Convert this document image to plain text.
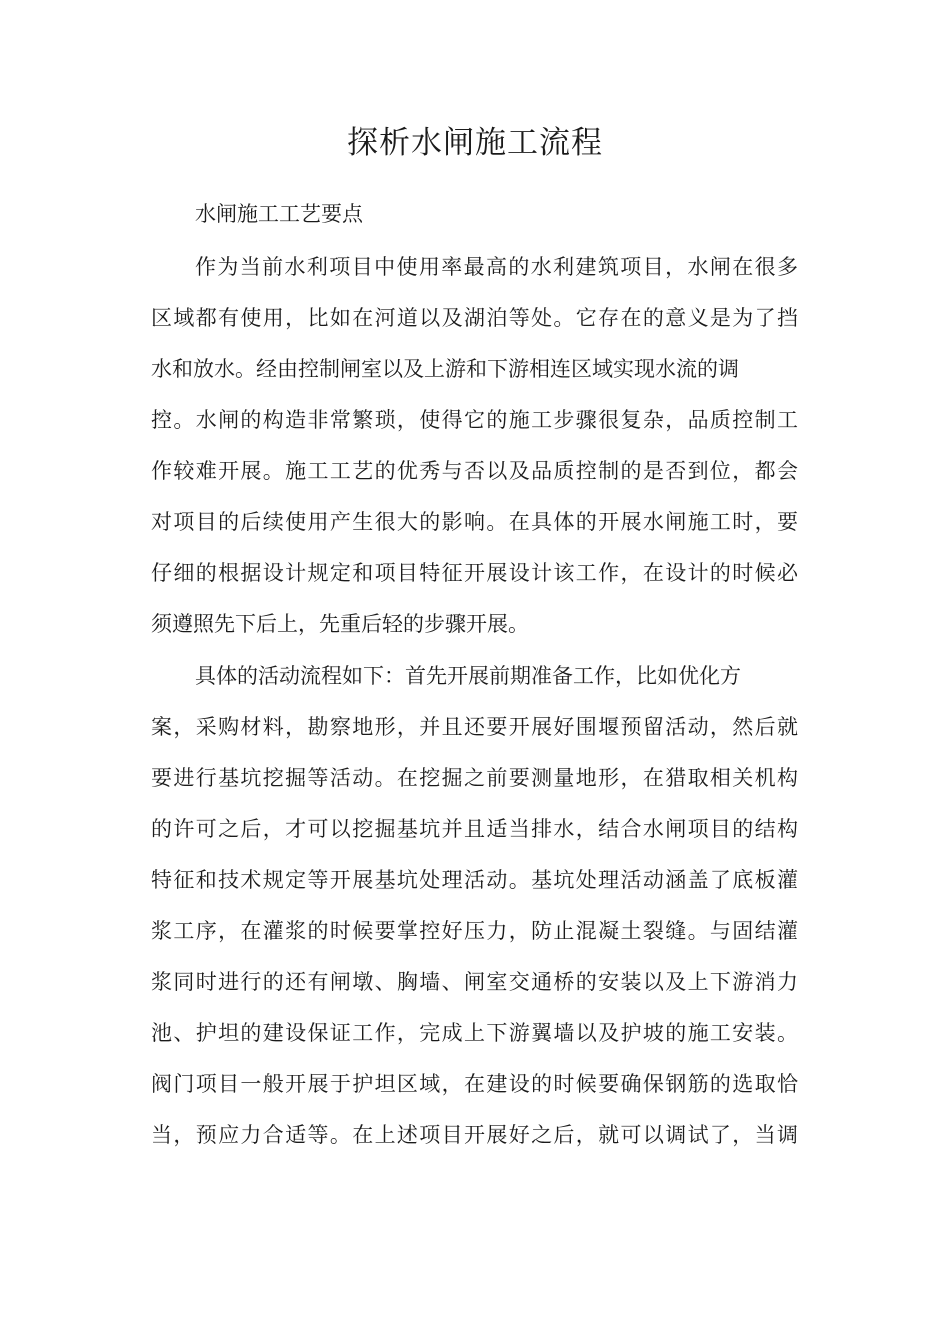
探析水闸施工流程
水闸施工工艺要点
作为当前水利项目中使用率最高的水利建筑项目，水闸在很多
区域都有使用，比如在河道以及湖泊等处。它存在的意义是为了挡
水和放水。经由控制闸室以及上游和下游相连区域实现水流的调
控。水闸的构造非常繁琐，使得它的施工步骤很复杂，品质控制工
作较难开展。施工工艺的优秀与否以及品质控制的是否到位，都会
对项目的后续使用产生很大的影响。在具体的开展水闸施工时，要
仔细的根据设计规定和项目特征开展设计该工作，在设计的时候必
须遵照先下后上，先重后轻的步骤开展。
具体的活动流程如下：首先开展前期准备工作，比如优化方
案，采购材料，勘察地形，并且还要开展好围堰预留活动，然后就
要进行基坑挖掘等活动。在挖掘之前要测量地形，在猎取相关机构
的许可之后，才可以挖掘基坑并且适当排水，结合水闸项目的结构
特征和技术规定等开展基坑处理活动。基坑处理活动涵盖了底板灌
浆工序，在灌浆的时候要掌控好压力，防止混凝土裂缝。与固结灌
浆同时进行的还有闸墩、胸墙、闸室交通桥的安装以及上下游消力
池、护坦的建设保证工作，完成上下游翼墙以及护坡的施工安装。
阀门项目一般开展于护坦区域，在建设的时候要确保钢筋的选取恰
当，预应力合适等。在上述项目开展好之后，就可以调试了，当调
